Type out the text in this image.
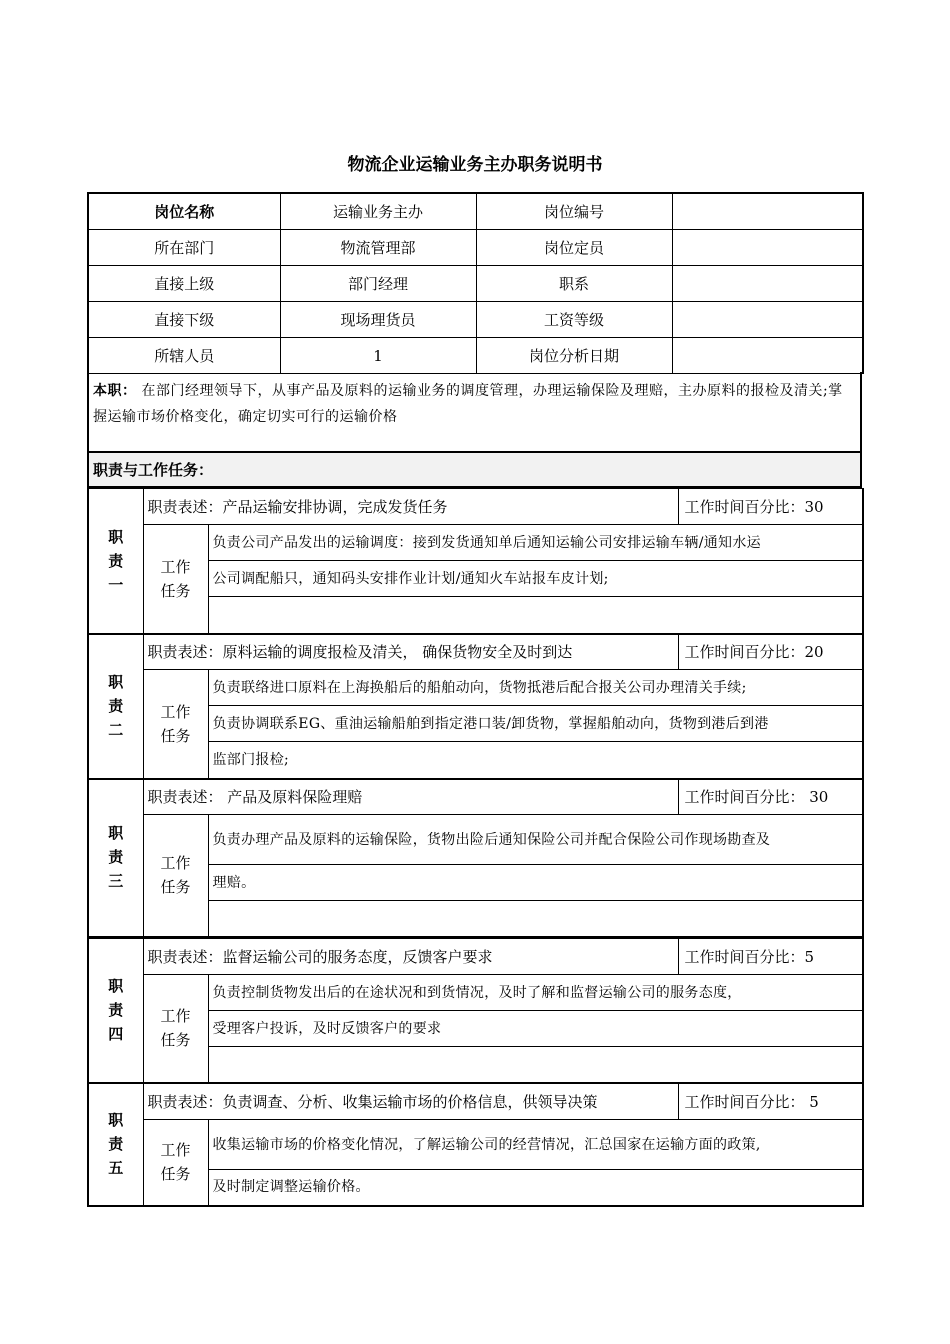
物流企业运输业务主办职务说明书
岗位名称	运输业务主办	岗位编号	
所在部门	物流管理部	岗位定员	
直接上级	部门经理	职系	
直接下级	现场理货员	工资等级	
所辖人员	1	岗位分析日期	
本职： 在部门经理领导下，从事产品及原料的运输业务的调度管理，办理运输保险及理赔，主办原料的报检及清关;掌握运输市场价格变化，确定切实可行的运输价格
职责与工作任务：
职责一	职责表述：产品运输安排协调，完成发货任务		工作时间百分比：30
	工作任务	负责公司产品发出的运输调度：接到发货通知单后通知运输公司安排运输车辆/通知水运	
		公司调配船只，通知码头安排作业计划/通知火车站报车皮计划;	

职责二	职责表述：原料运输的调度报检及清关， 确保货物安全及时到达		工作时间百分比：20
	工作任务	负责联络进口原料在上海换船后的船舶动向，货物抵港后配合报关公司办理清关手续;	
		负责协调联系EG、重油运输船舶到指定港口装/卸货物，掌握船舶动向，货物到港后到港	
		监部门报检;	
职责三	职责表述： 产品及原料保险理赔		工作时间百分比： 30
	工作任务	负责办理产品及原料的运输保险，货物出险后通知保险公司并配合保险公司作现场勘查及	
		理赔。	

职责四	职责表述：监督运输公司的服务态度，反馈客户要求		工作时间百分比：5
	工作任务	负责控制货物发出后的在途状况和到货情况，及时了解和监督运输公司的服务态度，	
		受理客户投诉，及时反馈客户的要求	

职责五	职责表述：负责调查、分析、收集运输市场的价格信息，供领导决策		工作时间百分比： 5
	工作任务	收集运输市场的价格变化情况，了解运输公司的经营情况，汇总国家在运输方面的政策,	
		及时制定调整运输价格。	
